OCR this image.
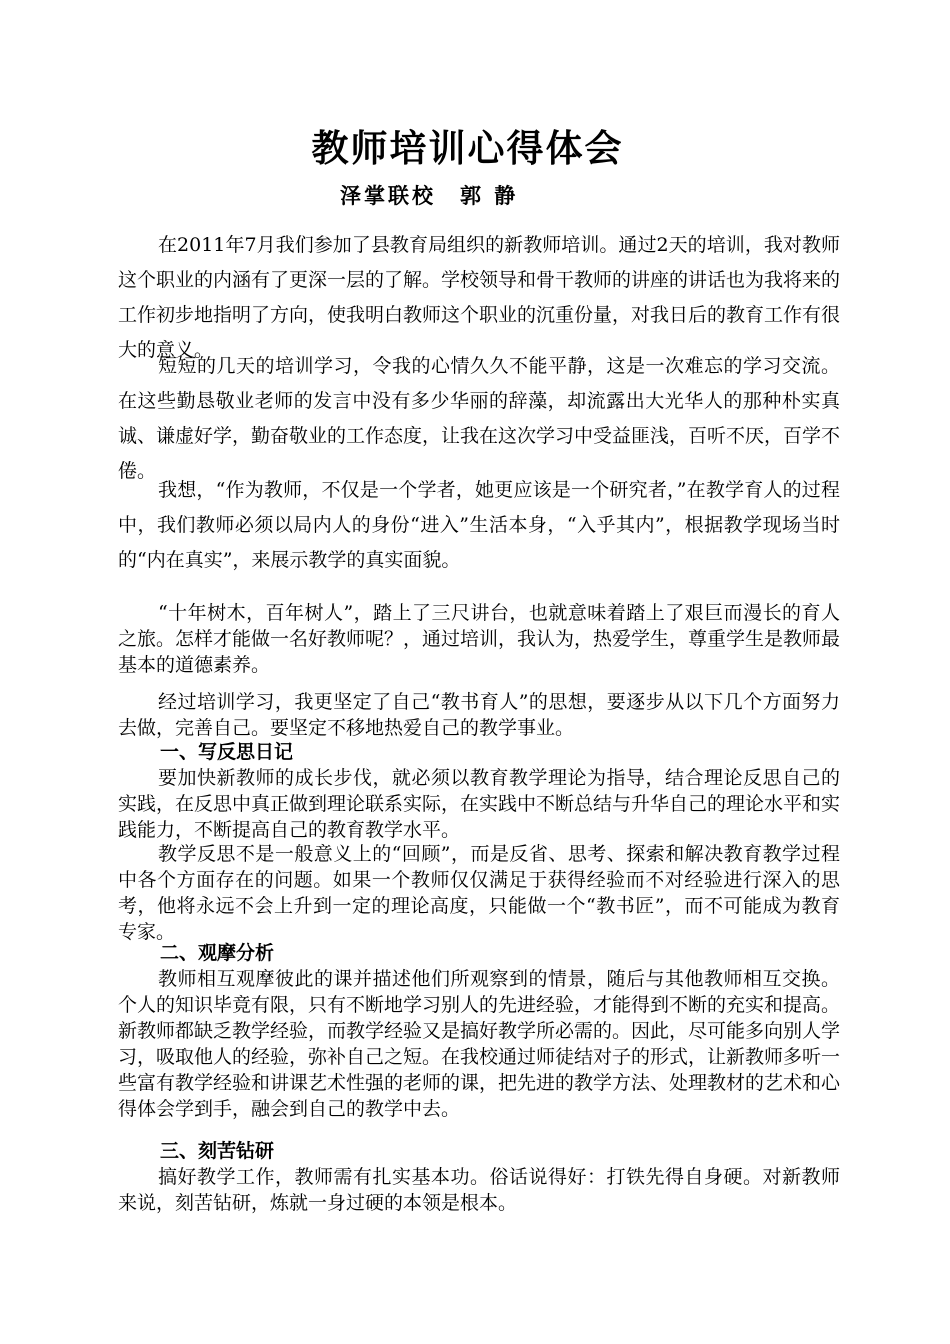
教师培训心得体会
泽掌联校　郭 静

在2011年7月我们参加了县教育局组织的新教师培训。通过2天的培训，我对教师这个职业的内涵有了更深一层的了解。学校领导和骨干教师的讲座的讲话也为我将来的工作初步地指明了方向，使我明白教师这个职业的沉重份量，对我日后的教育工作有很大的意义。

短短的几天的培训学习，令我的心情久久不能平静，这是一次难忘的学习交流。在这些勤恳敬业老师的发言中没有多少华丽的辞藻，却流露出大光华人的那种朴实真诚、谦虚好学，勤奋敬业的工作态度，让我在这次学习中受益匪浅，百听不厌，百学不倦。

我想，“作为教师，不仅是一个学者，她更应该是一个研究者，”在教学育人的过程中，我们教师必须以局内人的身份“进入”生活本身，“入乎其内”，根据教学现场当时的“内在真实”，来展示教学的真实面貌。

“十年树木，百年树人”，踏上了三尺讲台，也就意味着踏上了艰巨而漫长的育人之旅。怎样才能做一名好教师呢？，通过培训，我认为，热爱学生，尊重学生是教师最基本的道德素养。

经过培训学习，我更坚定了自己“教书育人”的思想，要逐步从以下几个方面努力去做，完善自己。要坚定不移地热爱自己的教学事业。

一、写反思日记

要加快新教师的成长步伐，就必须以教育教学理论为指导，结合理论反思自己的实践，在反思中真正做到理论联系实际，在实践中不断总结与升华自己的理论水平和实践能力，不断提高自己的教育教学水平。

教学反思不是一般意义上的“回顾”，而是反省、思考、探索和解决教育教学过程中各个方面存在的问题。如果一个教师仅仅满足于获得经验而不对经验进行深入的思考，他将永远不会上升到一定的理论高度，只能做一个“教书匠”，而不可能成为教育专家。

二、观摩分析

教师相互观摩彼此的课并描述他们所观察到的情景，随后与其他教师相互交换。个人的知识毕竟有限，只有不断地学习别人的先进经验，才能得到不断的充实和提高。新教师都缺乏教学经验，而教学经验又是搞好教学所必需的。因此，尽可能多向别人学习，吸取他人的经验，弥补自己之短。在我校通过师徒结对子的形式，让新教师多听一些富有教学经验和讲课艺术性强的老师的课，把先进的教学方法、处理教材的艺术和心得体会学到手，融会到自己的教学中去。

三、刻苦钻研

搞好教学工作，教师需有扎实基本功。俗话说得好：打铁先得自身硬。对新教师来说，刻苦钻研，炼就一身过硬的本领是根本。
